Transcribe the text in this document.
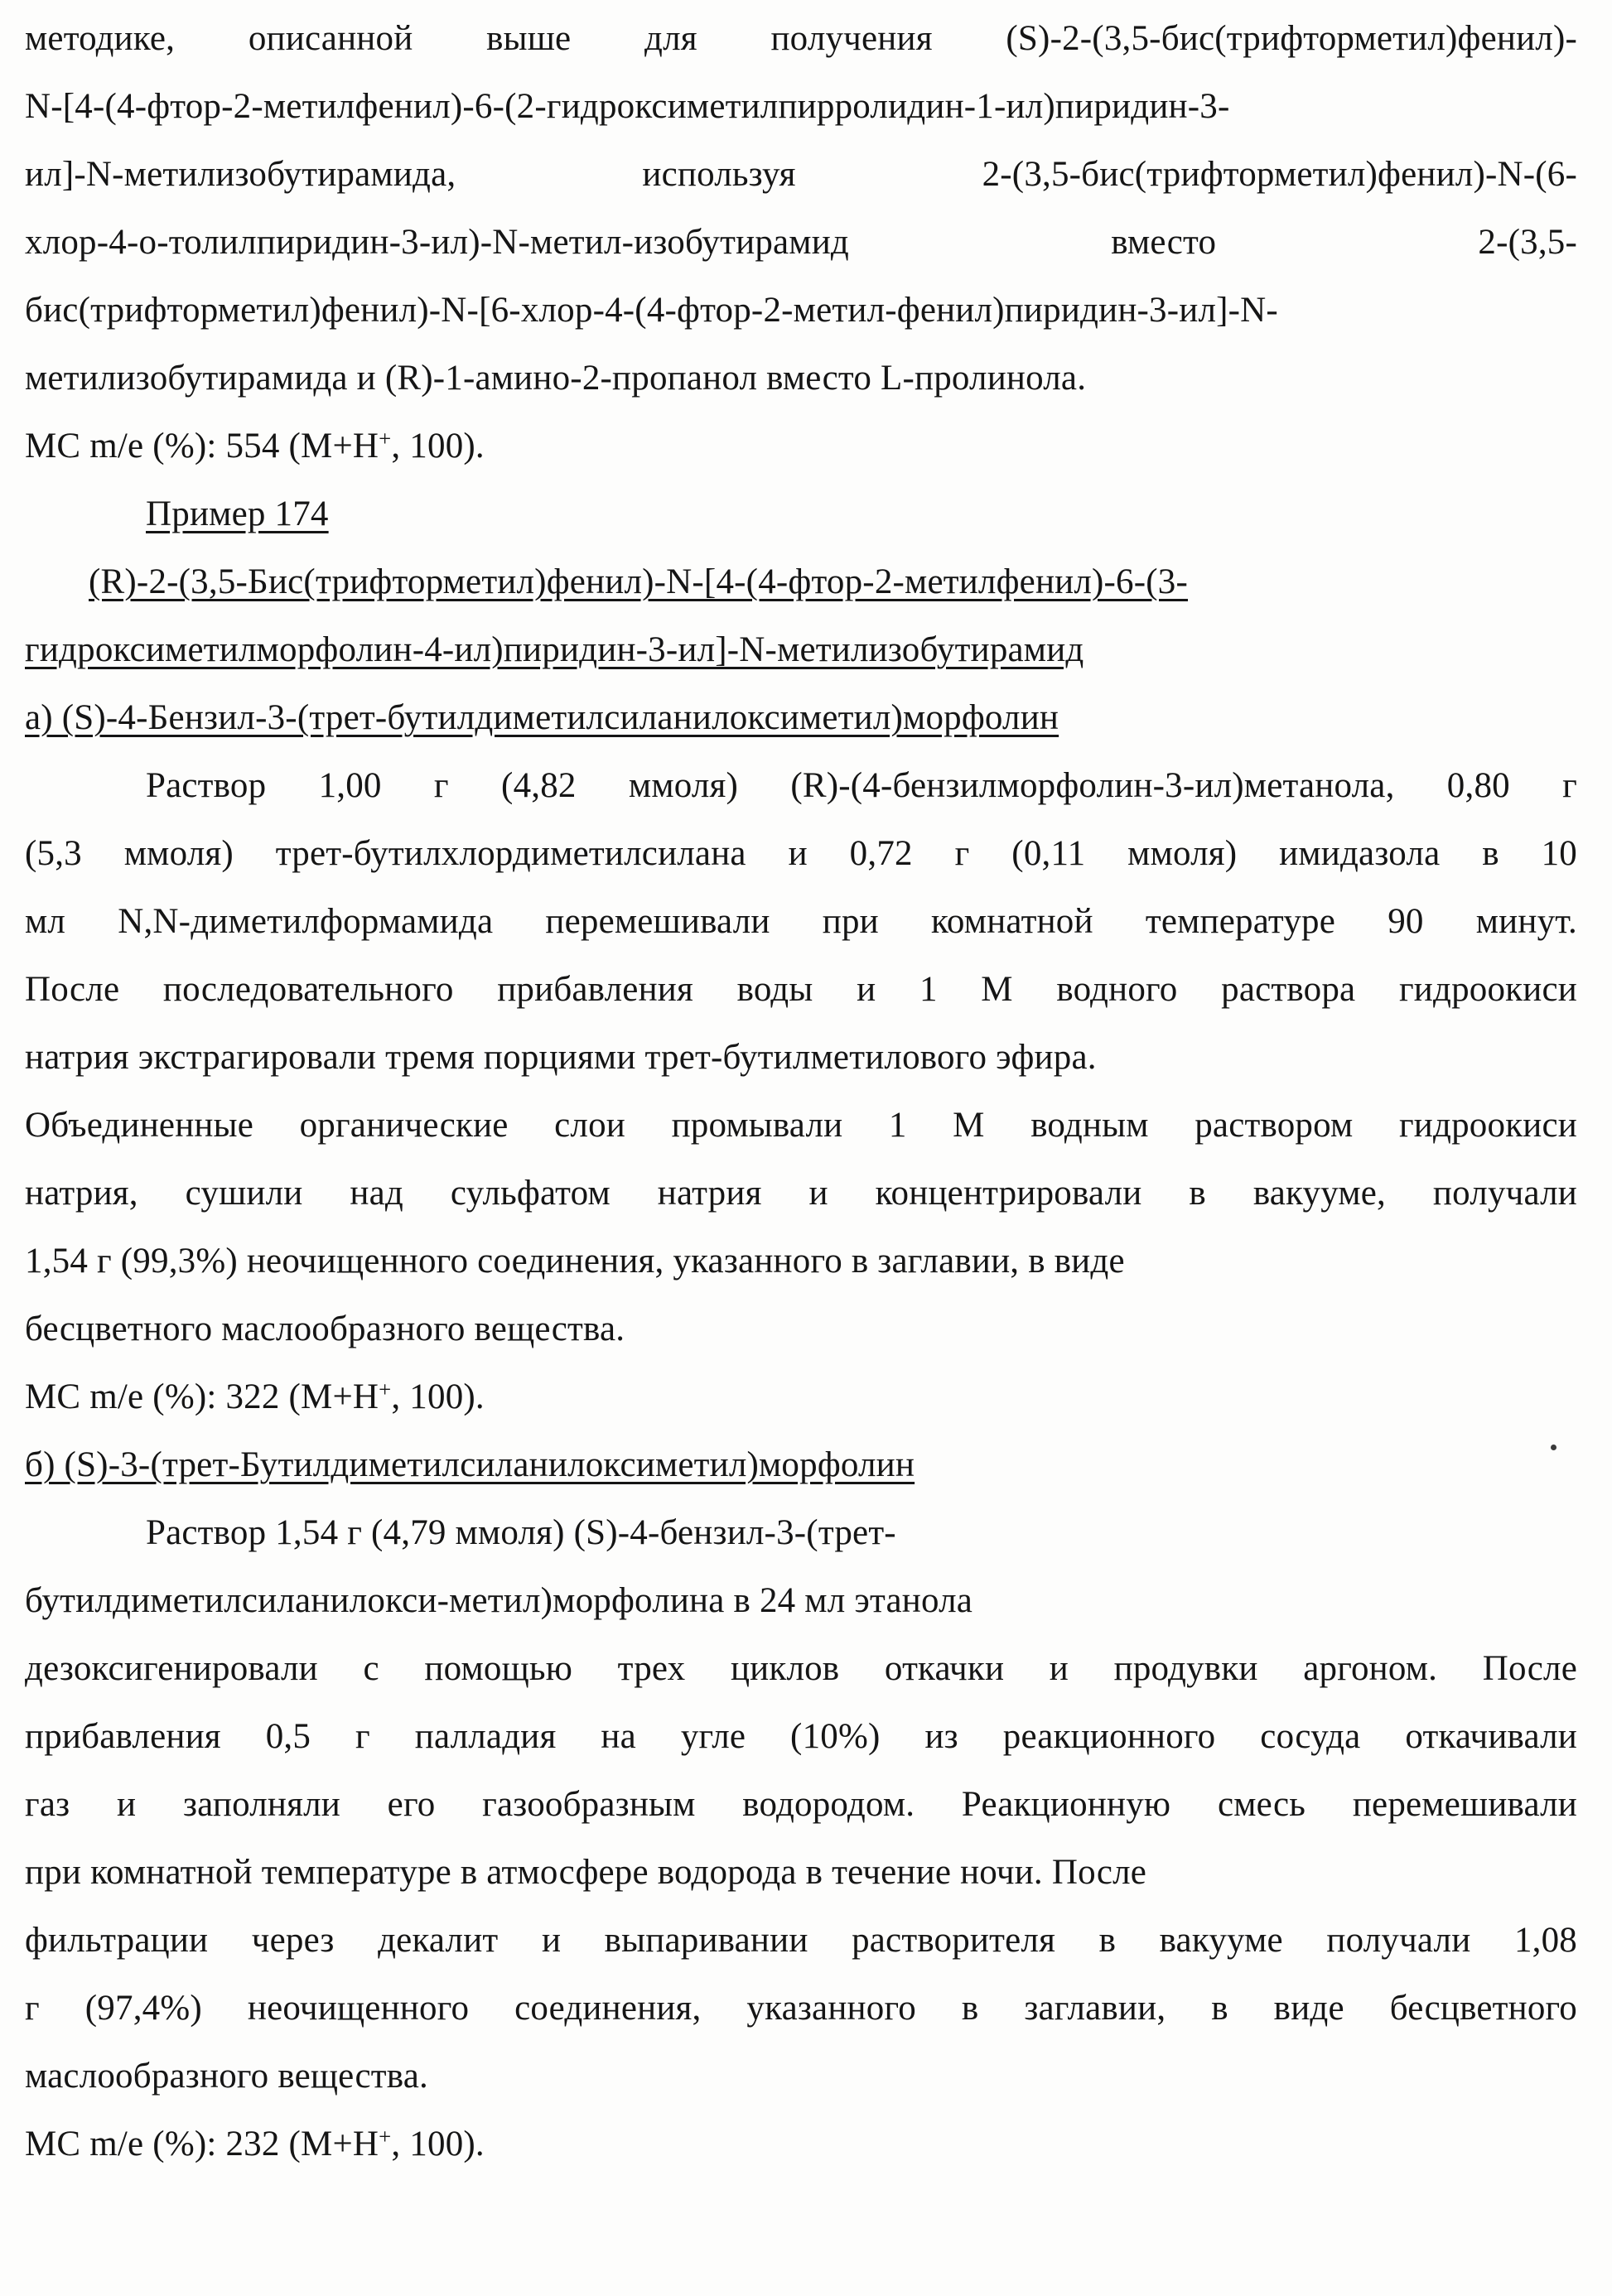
методике, описанной выше для получения (S)-2-(3,5-бис(трифторметил)фенил)-
N-[4-(4-фтор-2-метилфенил)-6-(2-гидроксиметилпирролидин-1-ил)пиридин-3-
ил]-N-метилизобутирамида, используя 2-(3,5-бис(трифторметил)фенил)-N-(6-
хлор-4-о-толилпиридин-3-ил)-N-метил-изобутирамид вместо 2-(3,5-
бис(трифторметил)фенил)-N-[6-хлор-4-(4-фтор-2-метил-фенил)пиридин-3-ил]-N-
метилизобутирамида и (R)-1-амино-2-пропанол вместо L-пролинола.
МС m/e (%): 554 (M+H+, 100).
Пример 174
(R)-2-(3,5-Бис(трифторметил)фенил)-N-[4-(4-фтор-2-метилфенил)-6-(3-
гидроксиметилморфолин-4-ил)пиридин-3-ил]-N-метилизобутирамид
а) (S)-4-Бензил-3-(трет-бутилдиметилсиланилоксиметил)морфолин
Раствор 1,00 г (4,82 ммоля) (R)-(4-бензилморфолин-3-ил)метанола, 0,80 г
(5,3 ммоля) трет-бутилхлордиметилсилана и 0,72 г (0,11 ммоля) имидазола в 10
мл N,N-диметилформамида перемешивали при комнатной температуре 90 минут.
После последовательного прибавления воды и 1 М водного раствора гидроокиси
натрия экстрагировали тремя порциями трет-бутилметилового эфира.
Объединенные органические слои промывали 1 М водным раствором гидроокиси
натрия, сушили над сульфатом натрия и концентрировали в вакууме, получали
1,54 г (99,3%) неочищенного соединения, указанного в заглавии, в виде
бесцветного маслообразного вещества.
МС m/e (%): 322 (M+H+, 100).
б) (S)-3-(трет-Бутилдиметилсиланилоксиметил)морфолин
Раствор 1,54 г (4,79 ммоля) (S)-4-бензил-3-(трет-
бутилдиметилсиланилокси-метил)морфолина в 24 мл этанола
дезоксигенировали с помощью трех циклов откачки и продувки аргоном. После
прибавления 0,5 г палладия на угле (10%) из реакционного сосуда откачивали
газ и заполняли его газообразным водородом. Реакционную смесь перемешивали
при комнатной температуре в атмосфере водорода в течение ночи. После
фильтрации через декалит и выпаривании растворителя в вакууме получали 1,08
г (97,4%) неочищенного соединения, указанного в заглавии, в виде бесцветного
маслообразного вещества.
МС m/e (%): 232 (M+H+, 100).
